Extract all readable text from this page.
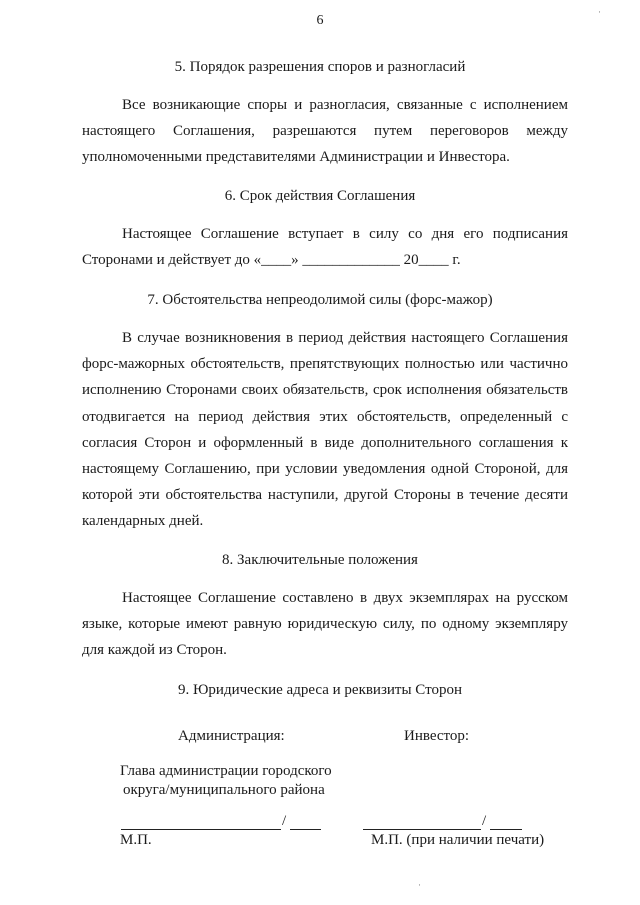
6
·
5. Порядок разрешения споров и разногласий

Все возникающие споры и разногласия, связанные с исполнением настоящего Соглашения, разрешаются путем переговоров между уполномоченными представителями Администрации и Инвестора.

6. Срок действия Соглашения

Настоящее Соглашение вступает в силу со дня его подписания Сторонами и действует до «____» _____________ 20____ г.

7. Обстоятельства непреодолимой силы (форс-мажор)

В случае возникновения в период действия настоящего Соглашения форс-мажорных обстоятельств, препятствующих полностью или частично исполнению Сторонами своих обязательств, срок исполнения обязательств отодвигается на период действия этих обстоятельств, определенный с согласия Сторон и оформленный в виде дополнительного соглашения к настоящему Соглашению, при условии уведомления одной Стороной, для которой эти обстоятельства наступили, другой Стороны в течение десяти календарных дней.

8. Заключительные положения

Настоящее Соглашение составлено в двух экземплярах на русском языке, которые имеют равную юридическую силу, по одному экземпляру для каждой из Сторон.

9. Юридические адреса и реквизиты Сторон
Администрация:	Инвестор:
Глава администрации городского
округа/муниципального района
/	/
М.П.	М.П. (при наличии печати)
·
